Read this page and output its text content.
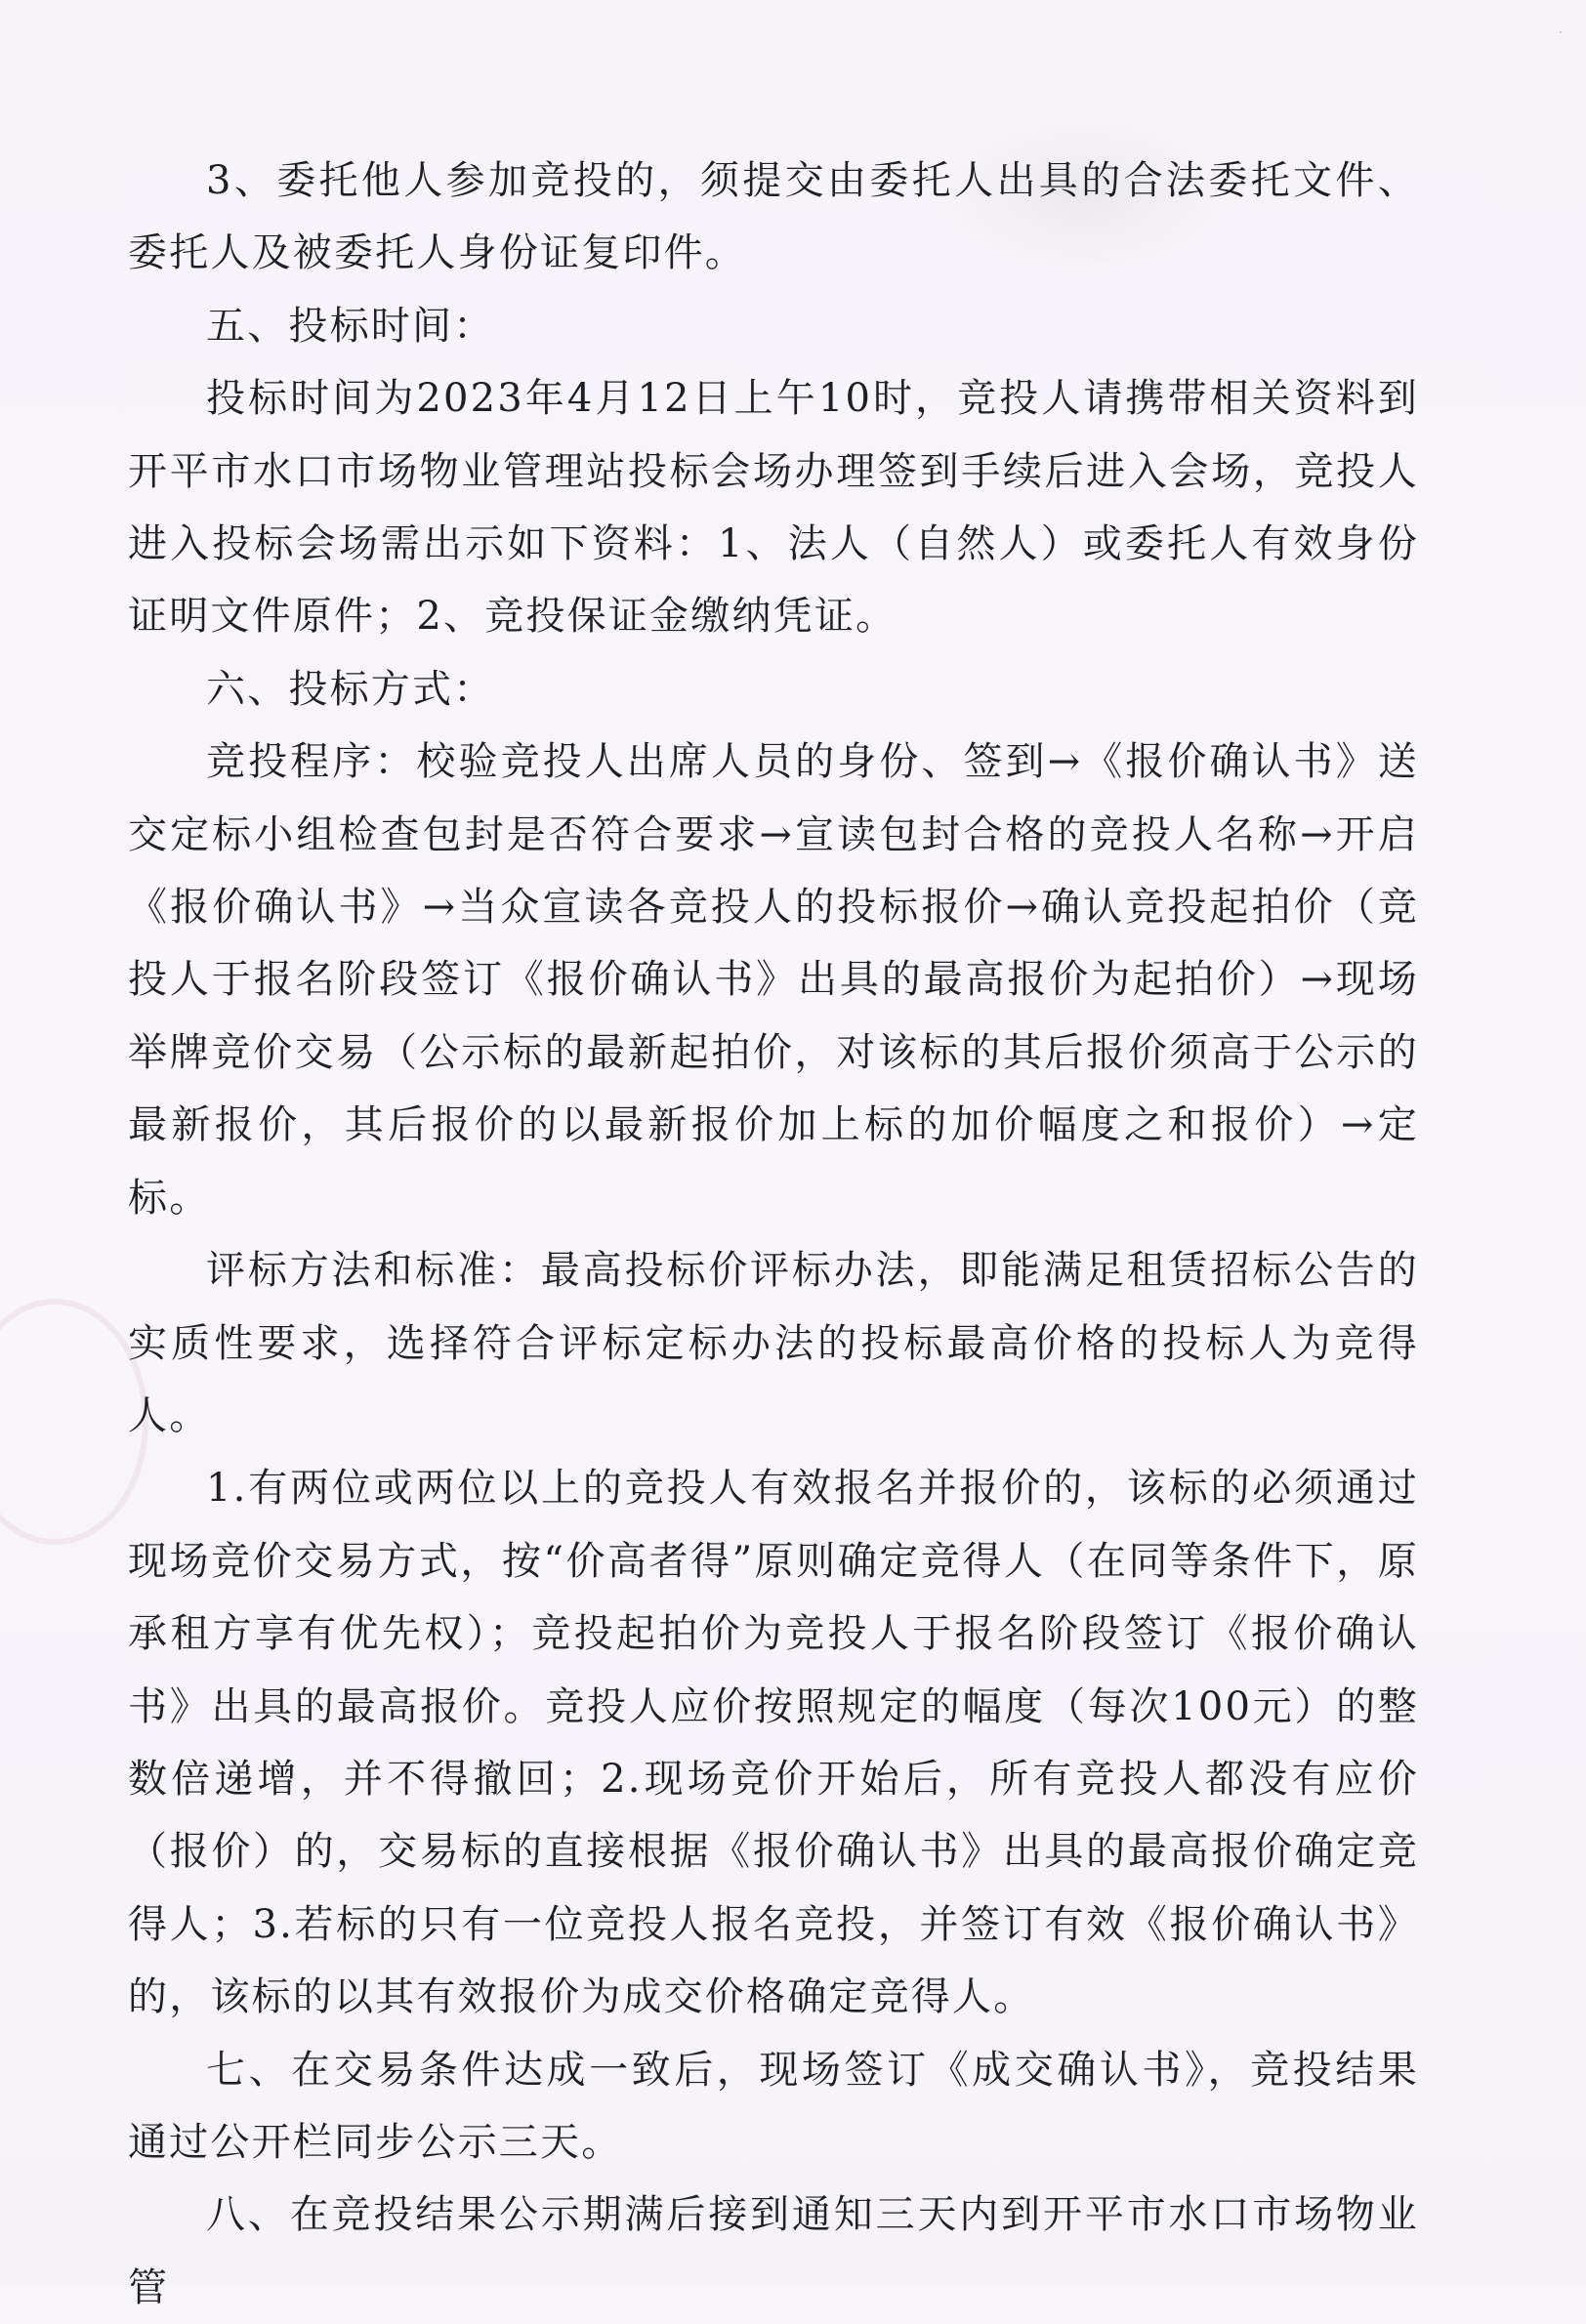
·

3、委托他人参加竞投的，须提交由委托人出具的合法委托文件、委托人及被委托人身份证复印件。

五、投标时间：

投标时间为2023年4月12日上午10时，竞投人请携带相关资料到开平市水口市场物业管理站投标会场办理签到手续后进入会场，竞投人进入投标会场需出示如下资料：1、法人（自然人）或委托人有效身份证明文件原件；2、竞投保证金缴纳凭证。

六、投标方式：

竞投程序：校验竞投人出席人员的身份、签到→《报价确认书》送交定标小组检查包封是否符合要求→宣读包封合格的竞投人名称→开启《报价确认书》→当众宣读各竞投人的投标报价→确认竞投起拍价（竞投人于报名阶段签订《报价确认书》出具的最高报价为起拍价）→现场举牌竞价交易（公示标的最新起拍价，对该标的其后报价须高于公示的最新报价，其后报价的以最新报价加上标的加价幅度之和报价）→定标。

评标方法和标准：最高投标价评标办法，即能满足租赁招标公告的实质性要求，选择符合评标定标办法的投标最高价格的投标人为竞得人。

1.有两位或两位以上的竞投人有效报名并报价的，该标的必须通过现场竞价交易方式，按“价高者得”原则确定竞得人（在同等条件下，原承租方享有优先权）；竞投起拍价为竞投人于报名阶段签订《报价确认书》出具的最高报价。竞投人应价按照规定的幅度（每次100元）的整数倍递增，并不得撤回；2.现场竞价开始后，所有竞投人都没有应价（报价）的，交易标的直接根据《报价确认书》出具的最高报价确定竞得人；3.若标的只有一位竞投人报名竞投，并签订有效《报价确认书》的，该标的以其有效报价为成交价格确定竞得人。

七、在交易条件达成一致后，现场签订《成交确认书》，竞投结果通过公开栏同步公示三天。

八、在竞投结果公示期满后接到通知三天内到开平市水口市场物业管
